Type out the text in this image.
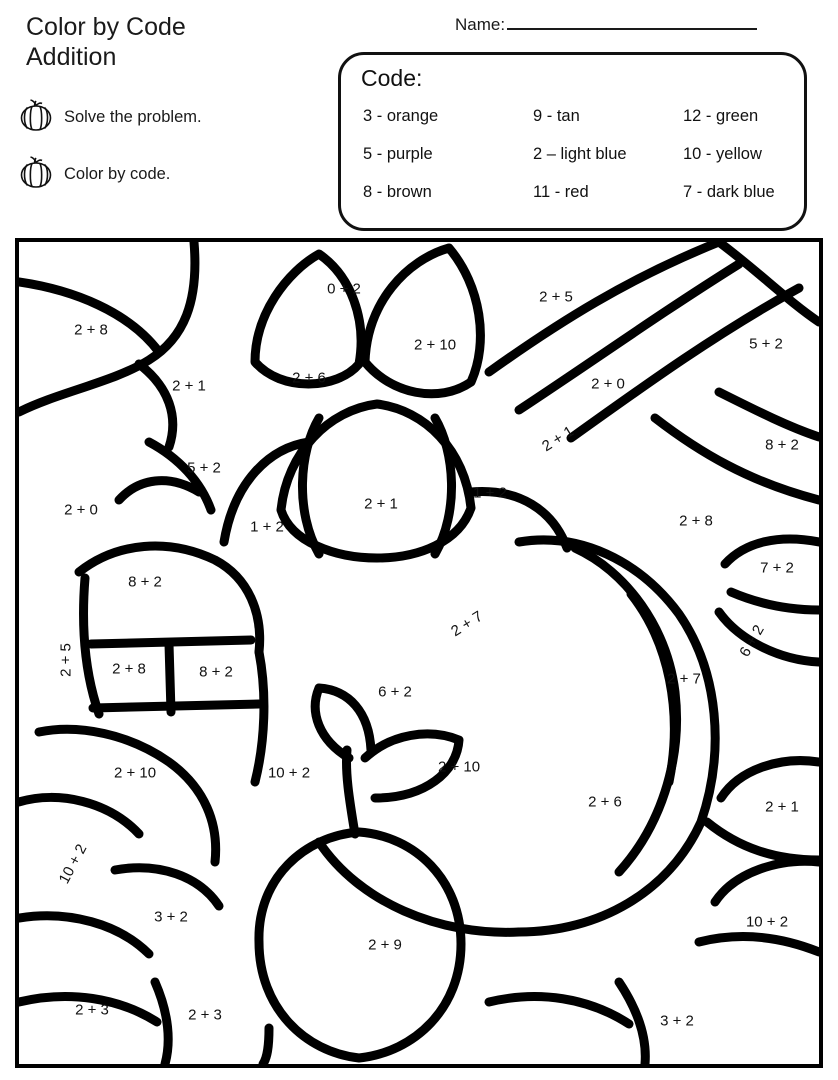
Color by Code
Addition
Name:
Solve the problem.
Color by code.
Code:
3 - orange	9 - tan	12 - green
5 - purple	2 – light blue	10 - yellow
8 - brown	11 - red	7 - dark blue
2 + 8
0 + 2	2 + 5
5 + 2
2 + 1	2 + 6
2 + 10
2 + 0
8 + 2
5 + 2
2 + 1
2 + 0
1 + 2
2 + 1
1 + 2
2 + 8
7 + 2
8 + 2
6 + 2
2 + 7
2 + 5	2 + 8	8 + 2
6 + 2
2 + 7
2 + 10	10 + 2	2 + 10
2 + 6	2 + 1
10 + 2
3 + 2
2 + 9
10 + 2
2 + 3	2 + 3	3 + 2
